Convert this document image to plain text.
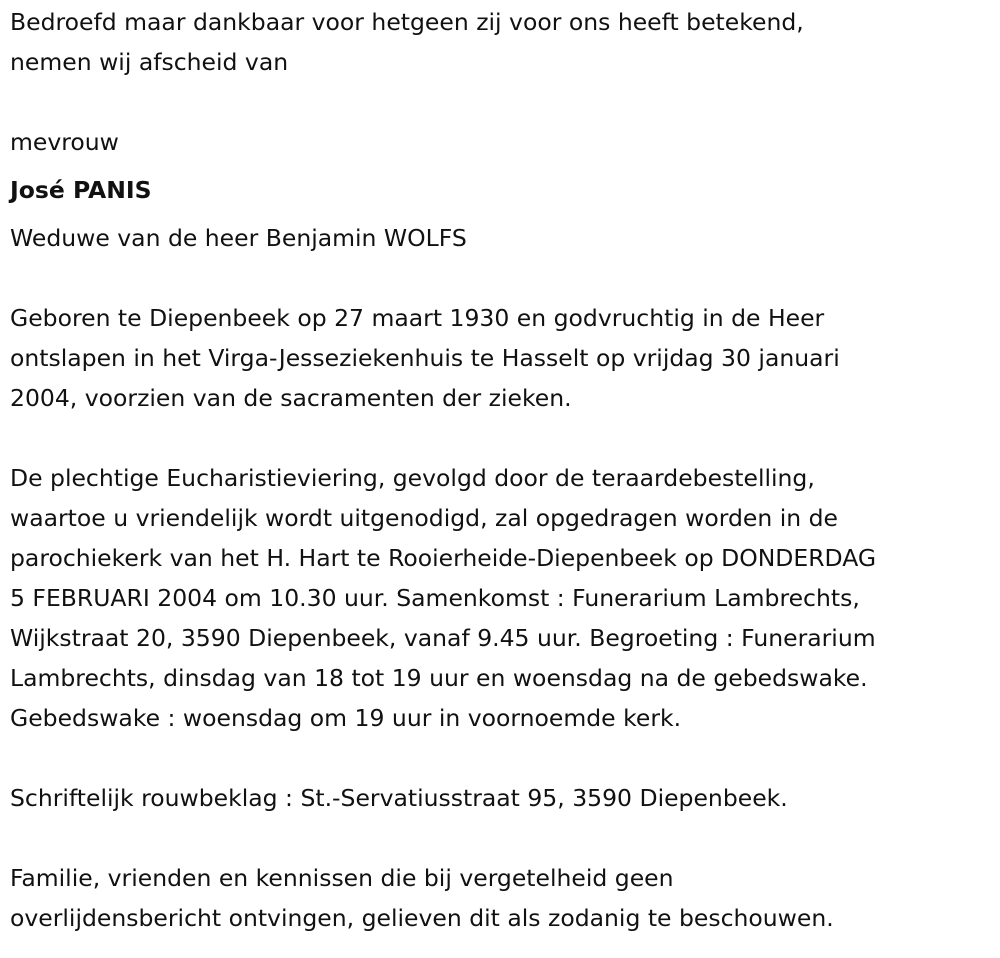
Bedroefd maar dankbaar voor hetgeen zij voor ons heeft betekend,
nemen wij afscheid van
mevrouw
José PANIS
Weduwe van de heer Benjamin WOLFS
Geboren te Diepenbeek op 27 maart 1930 en godvruchtig in de Heer
ontslapen in het Virga-Jesseziekenhuis te Hasselt op vrijdag 30 januari
2004, voorzien van de sacramenten der zieken.
De plechtige Eucharistieviering, gevolgd door de teraardebestelling,
waartoe u vriendelijk wordt uitgenodigd, zal opgedragen worden in de
parochiekerk van het H. Hart te Rooierheide-Diepenbeek op DONDERDAG
5 FEBRUARI 2004 om 10.30 uur. Samenkomst : Funerarium Lambrechts,
Wijkstraat 20, 3590 Diepenbeek, vanaf 9.45 uur. Begroeting : Funerarium
Lambrechts, dinsdag van 18 tot 19 uur en woensdag na de gebedswake.
Gebedswake : woensdag om 19 uur in voornoemde kerk.
Schriftelijk rouwbeklag : St.-Servatiusstraat 95, 3590 Diepenbeek.
Familie, vrienden en kennissen die bij vergetelheid geen
overlijdensbericht ontvingen, gelieven dit als zodanig te beschouwen.
